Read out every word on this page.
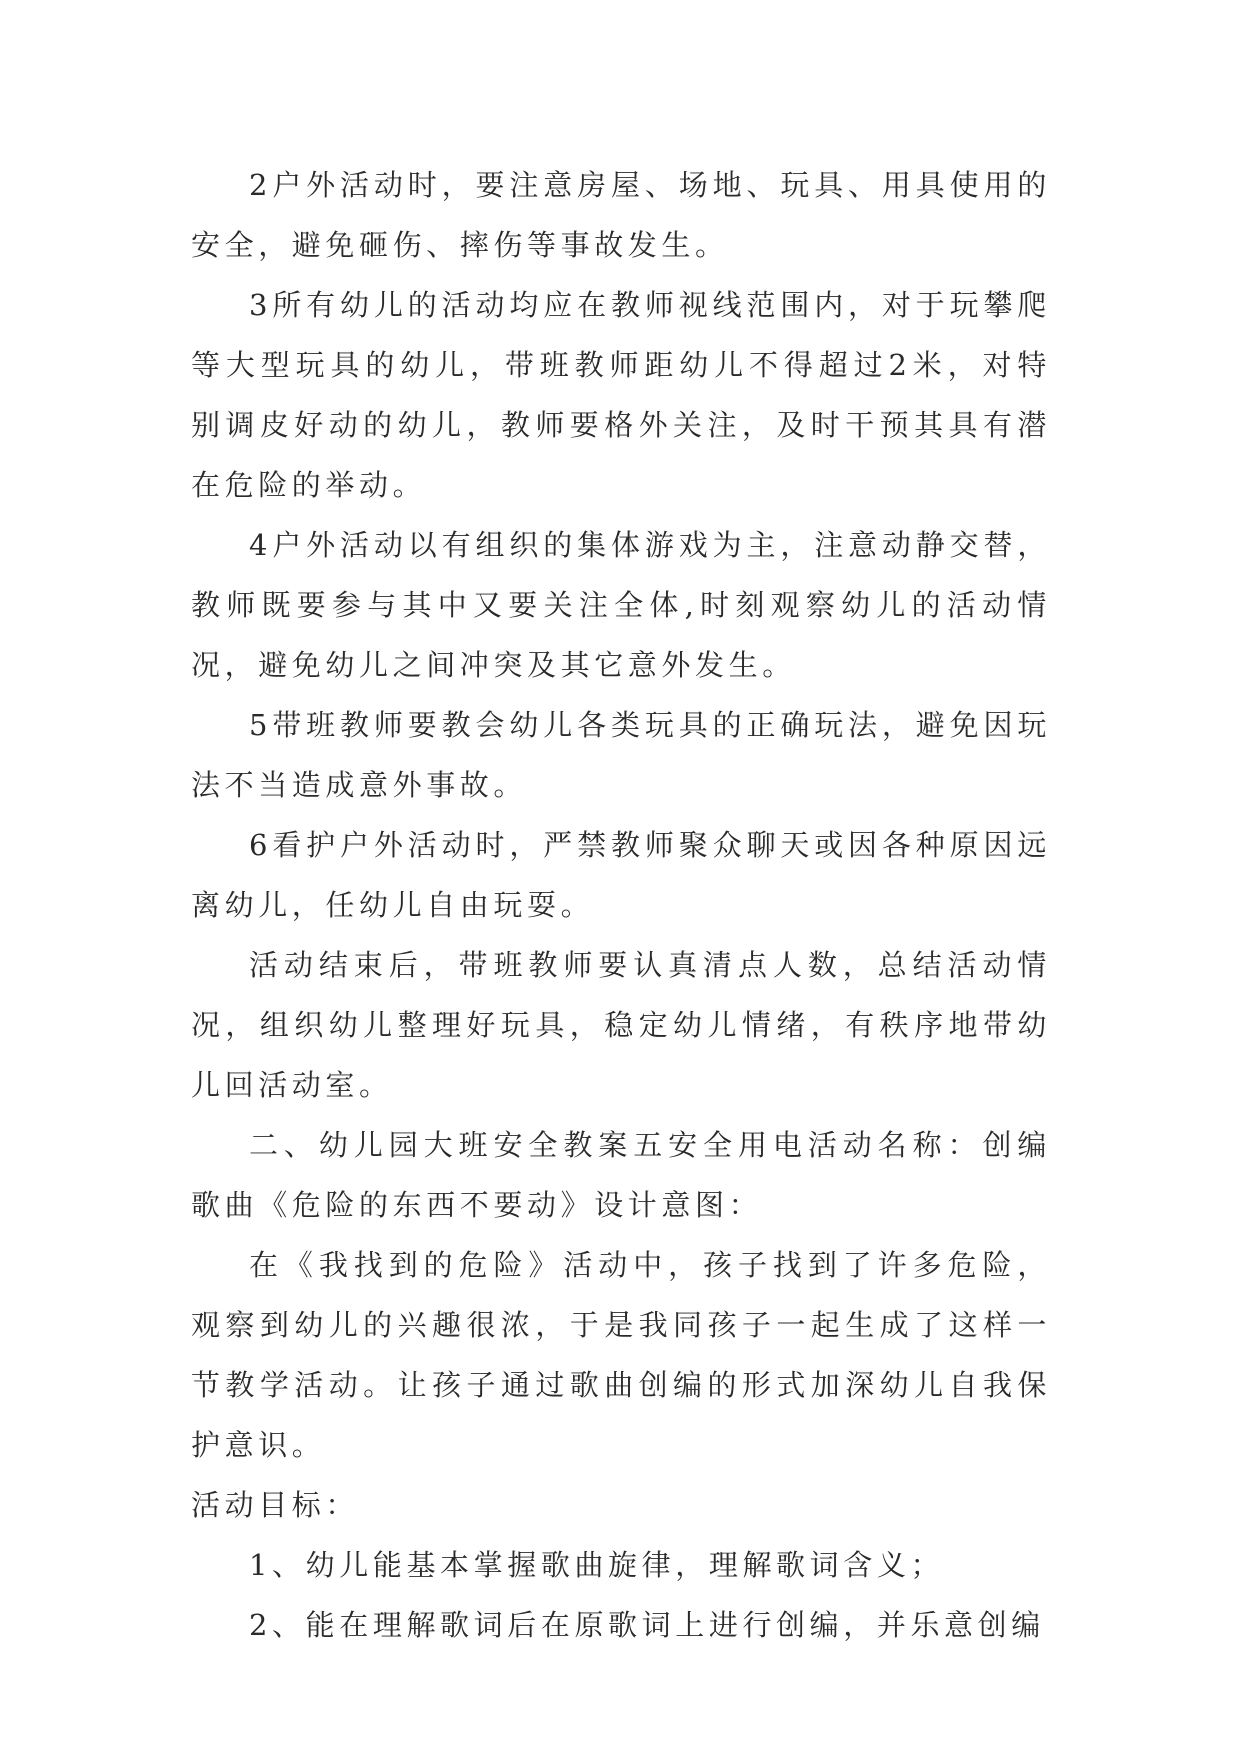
2户外活动时，要注意房屋、场地、玩具、用具使用的安全，避免砸伤、摔伤等事故发生。

3所有幼儿的活动均应在教师视线范围内，对于玩攀爬等大型玩具的幼儿，带班教师距幼儿不得超过2米，对特别调皮好动的幼儿，教师要格外关注，及时干预其具有潜在危险的举动。

4户外活动以有组织的集体游戏为主，注意动静交替，教师既要参与其中又要关注全体,时刻观察幼儿的活动情况，避免幼儿之间冲突及其它意外发生。

5带班教师要教会幼儿各类玩具的正确玩法，避免因玩法不当造成意外事故。

6看护户外活动时，严禁教师聚众聊天或因各种原因远离幼儿，任幼儿自由玩耍。

活动结束后，带班教师要认真清点人数，总结活动情况，组织幼儿整理好玩具，稳定幼儿情绪，有秩序地带幼儿回活动室。

二、幼儿园大班安全教案五安全用电活动名称：创编歌曲《危险的东西不要动》设计意图：

在《我找到的危险》活动中，孩子找到了许多危险，观察到幼儿的兴趣很浓，于是我同孩子一起生成了这样一节教学活动。让孩子通过歌曲创编的形式加深幼儿自我保护意识。

活动目标：

1、幼儿能基本掌握歌曲旋律，理解歌词含义；

2、能在理解歌词后在原歌词上进行创编，并乐意创编
